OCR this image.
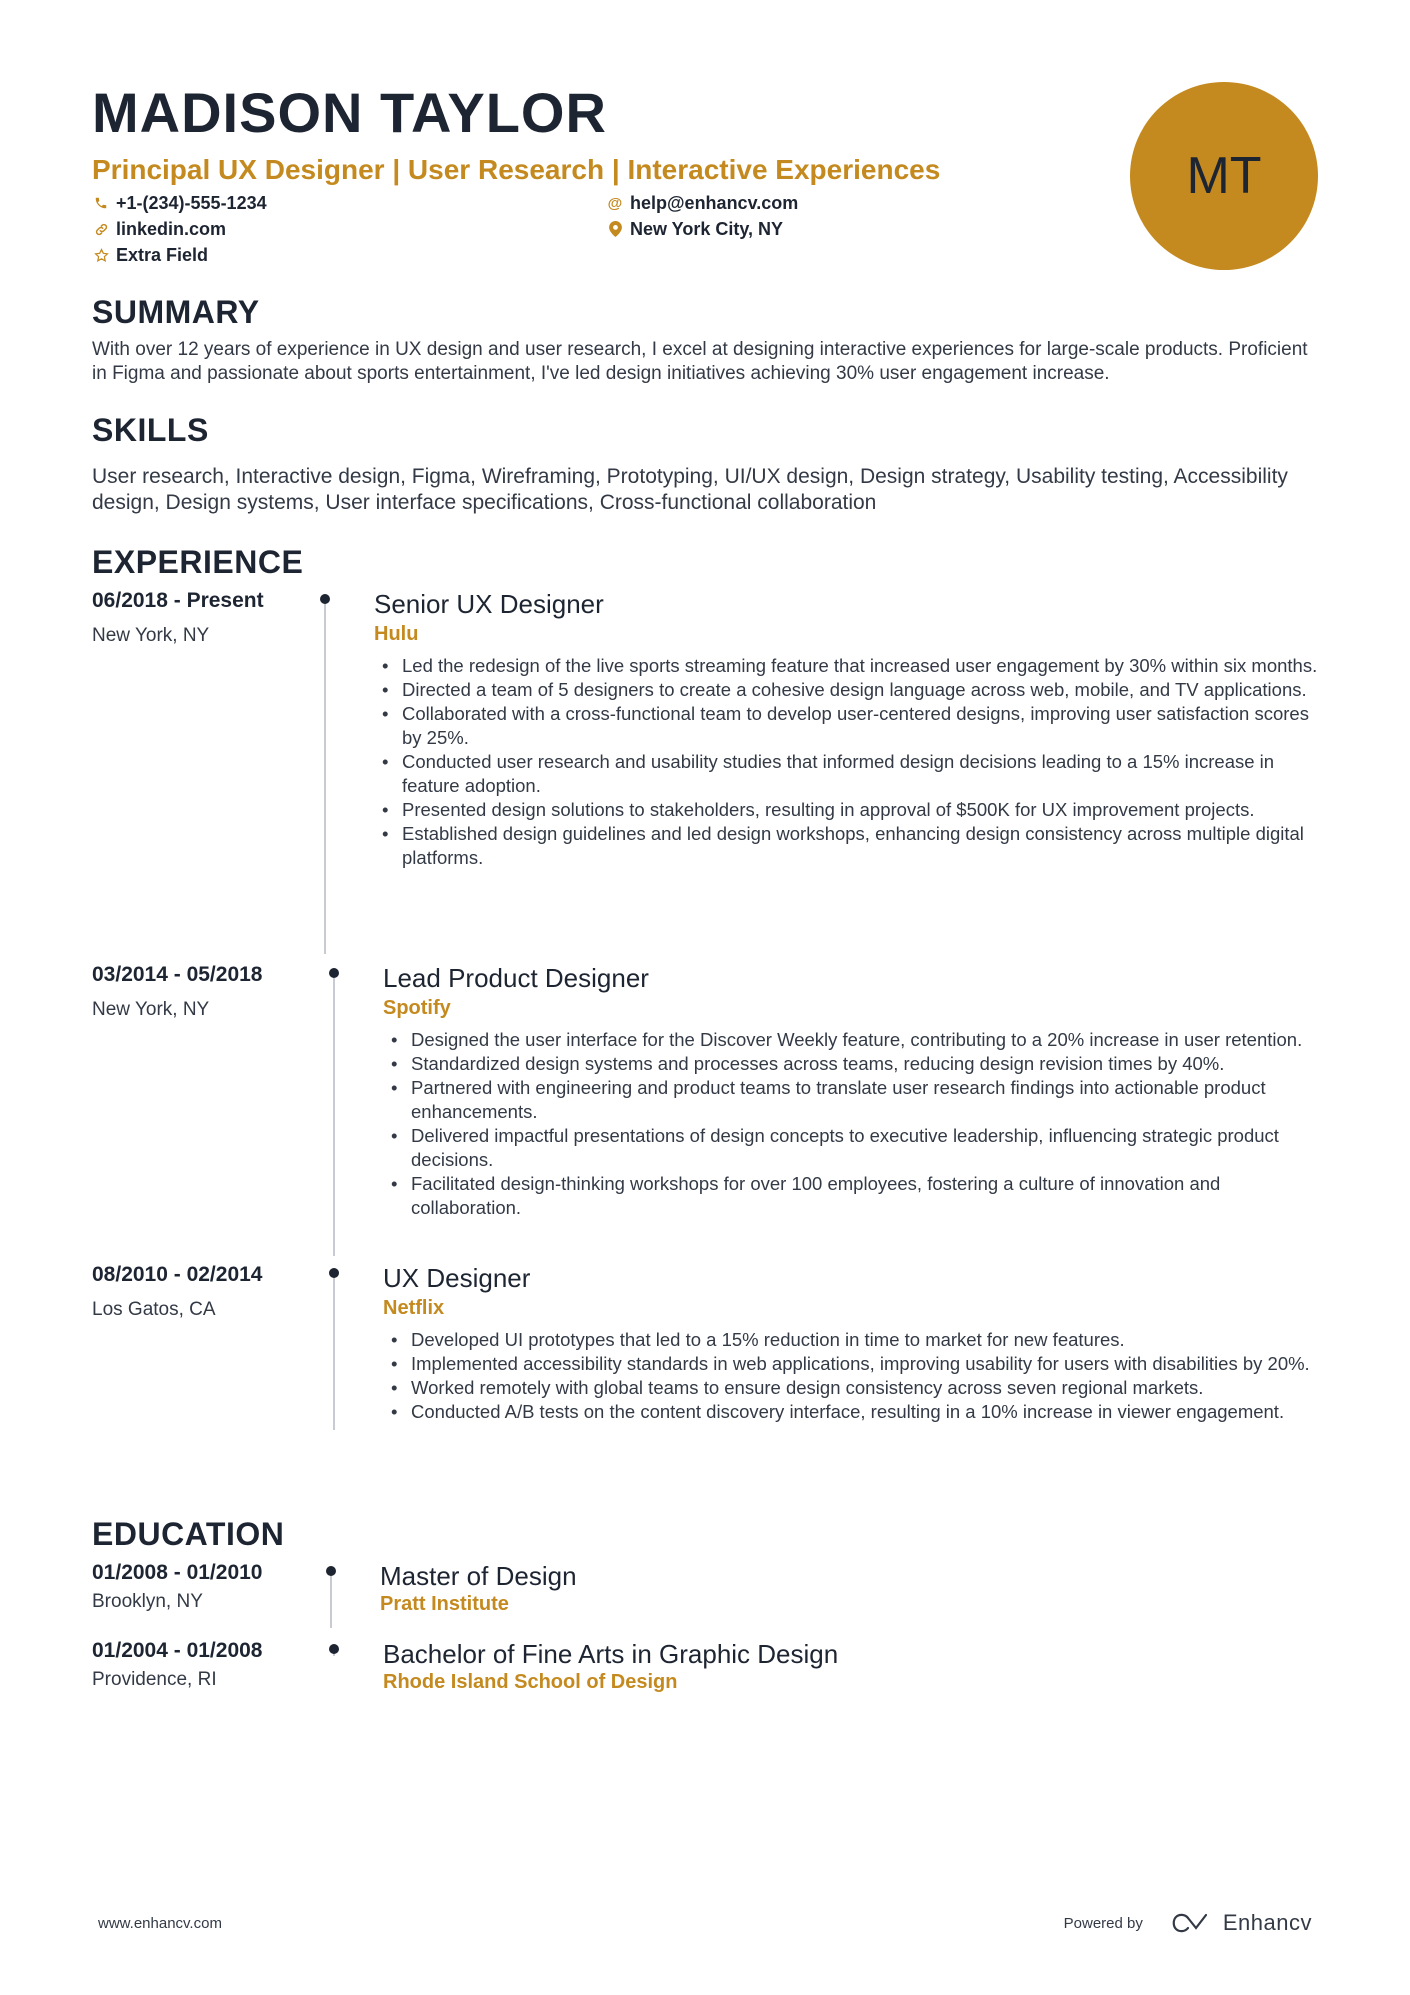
MADISON TAYLOR
Principal UX Designer | User Research | Interactive Experiences
+1-(234)-555-1234	@ help@enhancv.com
linkedin.com	New York City, NY
Extra Field
MT
SUMMARY

With over 12 years of experience in UX design and user research, I excel at designing interactive experiences for large-scale products. Proficient in Figma and passionate about sports entertainment, I've led design initiatives achieving 30% user engagement increase.

SKILLS

User research, Interactive design, Figma, Wireframing, Prototyping, UI/UX design, Design strategy, Usability testing, Accessibility design, Design systems, User interface specifications, Cross-functional collaboration

EXPERIENCE
06/2018 - Present
New York, NY
Senior UX Designer
Hulu
• Led the redesign of the live sports streaming feature that increased user engagement by 30% within six months.
• Directed a team of 5 designers to create a cohesive design language across web, mobile, and TV applications.
• Collaborated with a cross-functional team to develop user-centered designs, improving user satisfaction scores by 25%.
• Conducted user research and usability studies that informed design decisions leading to a 15% increase in feature adoption.
• Presented design solutions to stakeholders, resulting in approval of $500K for UX improvement projects.
• Established design guidelines and led design workshops, enhancing design consistency across multiple digital platforms.
03/2014 - 05/2018
New York, NY
Lead Product Designer
Spotify
• Designed the user interface for the Discover Weekly feature, contributing to a 20% increase in user retention.
• Standardized design systems and processes across teams, reducing design revision times by 40%.
• Partnered with engineering and product teams to translate user research findings into actionable product enhancements.
• Delivered impactful presentations of design concepts to executive leadership, influencing strategic product decisions.
• Facilitated design-thinking workshops for over 100 employees, fostering a culture of innovation and collaboration.
08/2010 - 02/2014
Los Gatos, CA
UX Designer
Netflix
• Developed UI prototypes that led to a 15% reduction in time to market for new features.
• Implemented accessibility standards in web applications, improving usability for users with disabilities by 20%.
• Worked remotely with global teams to ensure design consistency across seven regional markets.
• Conducted A/B tests on the content discovery interface, resulting in a 10% increase in viewer engagement.
EDUCATION
01/2008 - 01/2010
Brooklyn, NY
Master of Design
Pratt Institute
01/2004 - 01/2008
Providence, RI
Bachelor of Fine Arts in Graphic Design
Rhode Island School of Design
www.enhancv.com	Powered by	Enhancv
